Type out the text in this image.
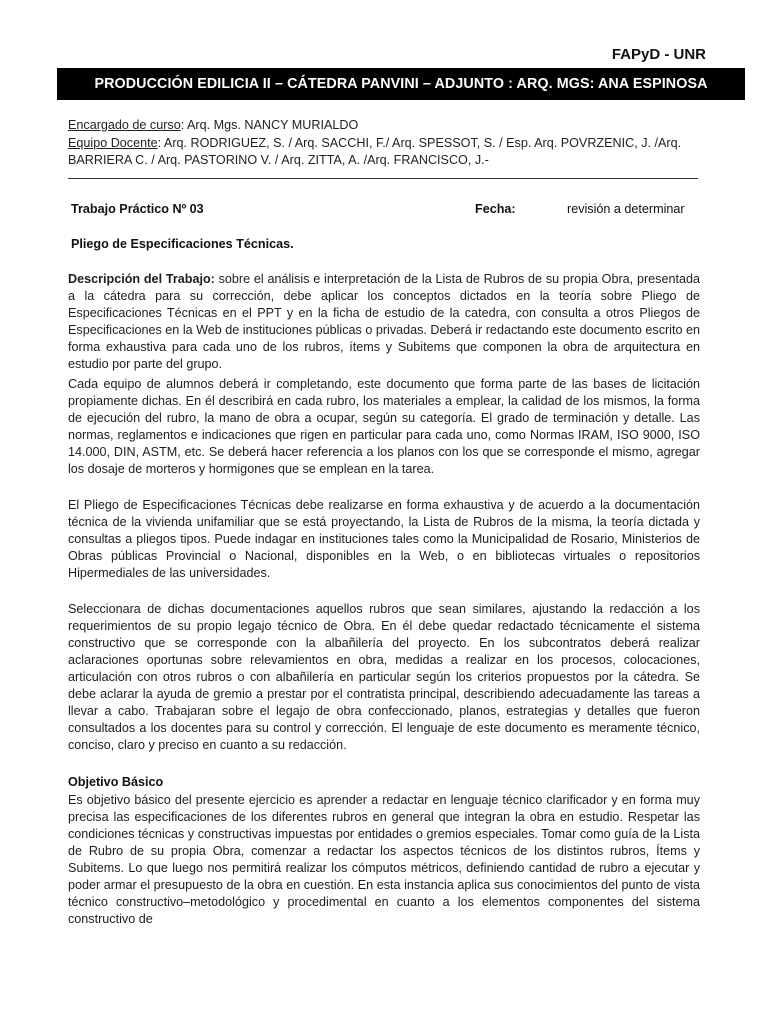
FAPyD - UNR
PRODUCCIÓN EDILICIA II – CÁTEDRA PANVINI – ADJUNTO : ARQ. MGS: ANA ESPINOSA
Encargado de curso: Arq. Mgs. NANCY MURIALDO
Equipo Docente: Arq. RODRIGUEZ, S. / Arq. SACCHI, F./ Arq. SPESSOT, S. / Esp. Arq. POVRZENIC, J. /Arq. BARRIERA C. / Arq. PASTORINO V. / Arq. ZITTA, A. /Arq. FRANCISCO, J.-
Trabajo Práctico Nº 03	Fecha:	revisión a determinar
Pliego de Especificaciones Técnicas.

Descripción del Trabajo: sobre el análisis e interpretación de la Lista de Rubros de su propia Obra, presentada a la cátedra para su corrección, debe aplicar los conceptos dictados en la teoría sobre Pliego de Especificaciones Técnicas en el PPT y en la ficha de estudio de la catedra, con consulta a otros Pliegos de Especificaciones en la Web de instituciones públicas o privadas. Deberá ir redactando este documento escrito en forma exhaustiva para cada uno de los rubros, ítems y Subitems que componen la obra de arquitectura en estudio por parte del grupo.

Cada equipo de alumnos deberá ir completando, este documento que forma parte de las bases de licitación propiamente dichas. En él describirá en cada rubro, los materiales a emplear, la calidad de los mismos, la forma de ejecución del rubro, la mano de obra a ocupar, según su categoría. El grado de terminación y detalle. Las normas, reglamentos e indicaciones que rigen en particular para cada uno, como Normas IRAM, ISO 9000, ISO 14.000, DIN, ASTM, etc. Se deberá hacer referencia a los planos con los que se corresponde el mismo, agregar los dosaje de morteros y hormigones que se emplean en la tarea.

El Pliego de Especificaciones Técnicas debe realizarse en forma exhaustiva y de acuerdo a la documentación técnica de la vivienda unifamiliar que se está proyectando, la Lista de Rubros de la misma, la teoría dictada y consultas a pliegos tipos. Puede indagar en instituciones tales como la Municipalidad de Rosario, Ministerios de Obras públicas Provincial o Nacional, disponibles en la Web, o en bibliotecas virtuales o repositorios Hipermediales de las universidades.

Seleccionara de dichas documentaciones aquellos rubros que sean similares, ajustando la redacción a los requerimientos de su propio legajo técnico de Obra. En él debe quedar redactado técnicamente el sistema constructivo que se corresponde con la albañilería del proyecto. En los subcontratos deberá realizar aclaraciones oportunas sobre relevamientos en obra, medidas a realizar en los procesos, colocaciones, articulación con otros rubros o con albañilería en particular según los criterios propuestos por la cátedra. Se debe aclarar la ayuda de gremio a prestar por el contratista principal, describiendo adecuadamente las tareas a llevar a cabo. Trabajaran sobre el legajo de obra confeccionado, planos, estrategias y detalles que fueron consultados a los docentes para su control y corrección. El lenguaje de este documento es meramente técnico, conciso, claro y preciso en cuanto a su redacción.

Objetivo Básico

Es objetivo básico del presente ejercicio es aprender a redactar en lenguaje técnico clarificador y en forma muy precisa las especificaciones de los diferentes rubros en general que integran la obra en estudio. Respetar las condiciones técnicas y constructivas impuestas por entidades o gremios especiales. Tomar como guía de la Lista de Rubro de su propia Obra, comenzar a redactar los aspectos técnicos de los distintos rubros, Ítems y Subitems. Lo que luego nos permitirá realizar los cómputos métricos, definiendo cantidad de rubro a ejecutar y poder armar el presupuesto de la obra en cuestión. En esta instancia aplica sus conocimientos del punto de vista técnico constructivo–metodológico y procedimental en cuanto a los elementos componentes del sistema constructivo de
